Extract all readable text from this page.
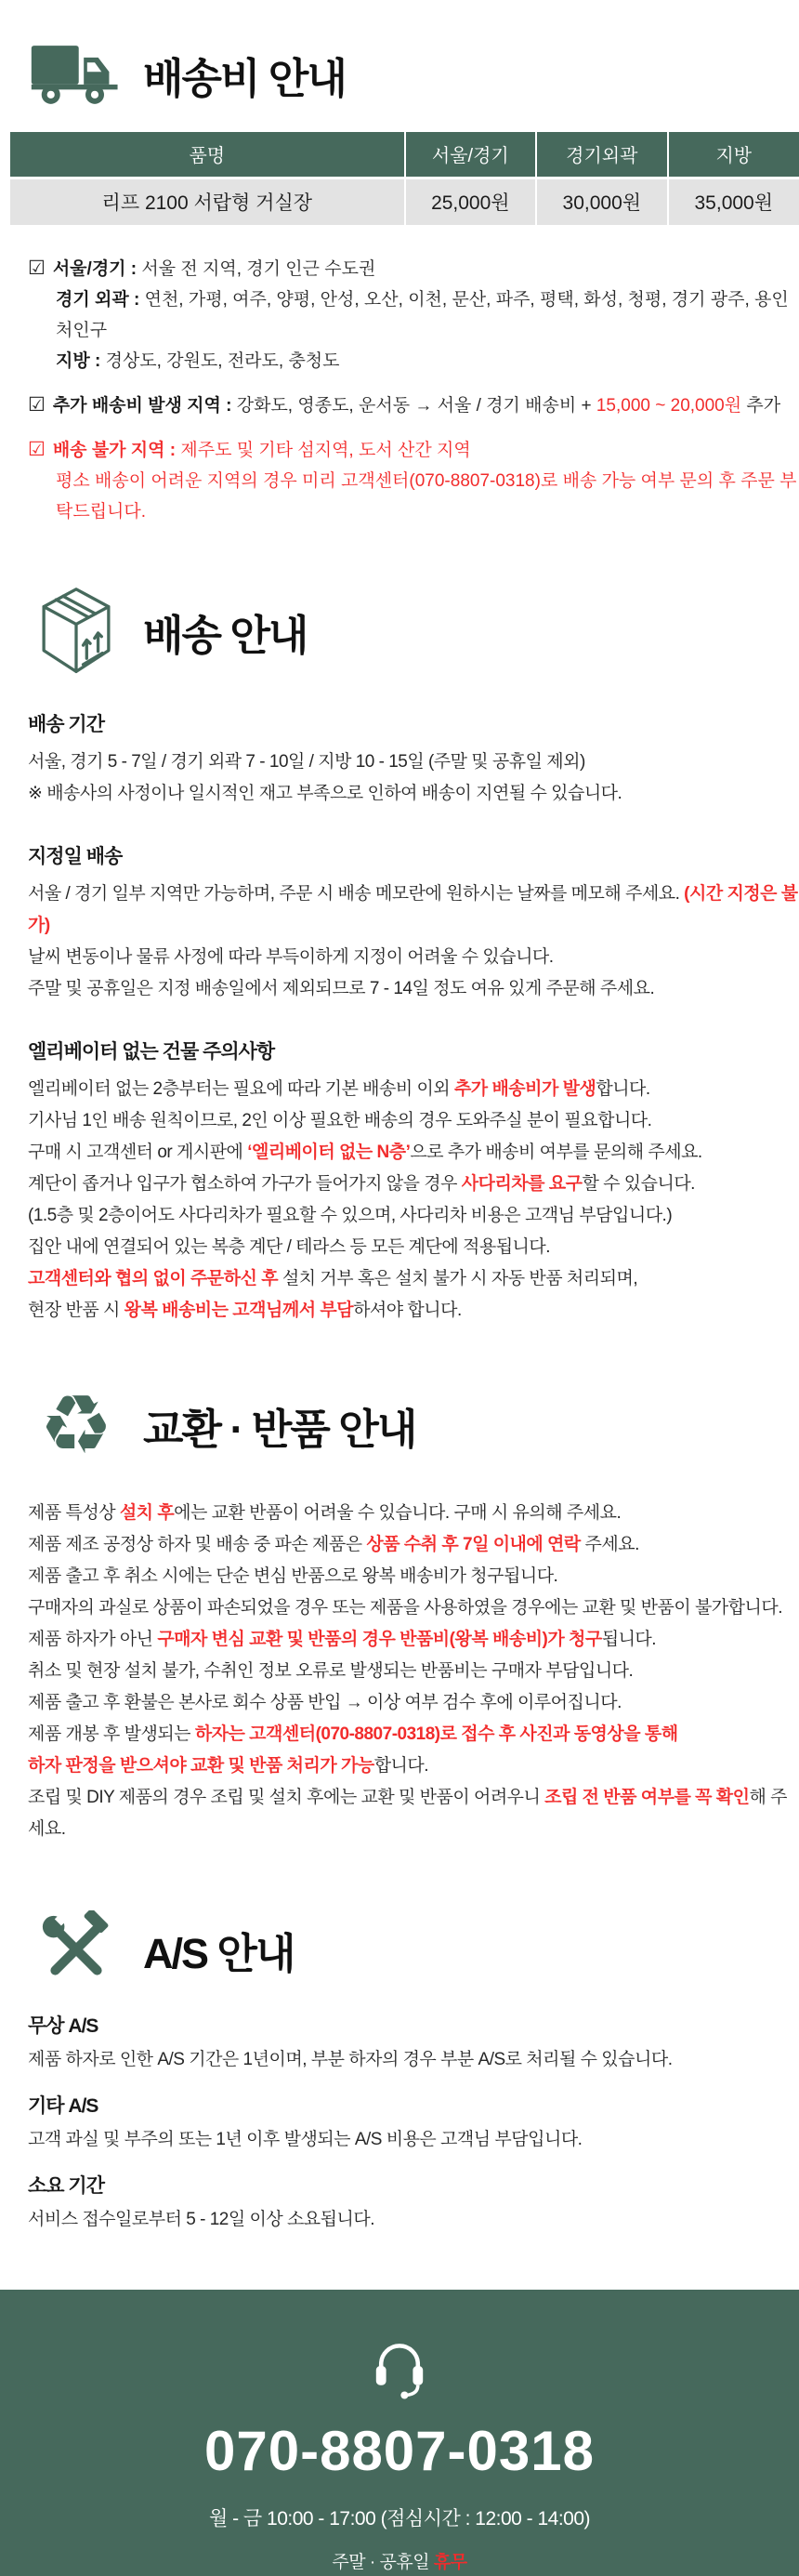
배송비 안내
품명	서울/경기	경기외곽	지방
리프 2100 서랍형 거실장	25,000원	30,000원	35,000원
☑ 서울/경기 : 서울 전 지역, 경기 인근 수도권
경기 외곽 : 연천, 가평, 여주, 양평, 안성, 오산, 이천, 문산, 파주, 평택, 화성, 청평, 경기 광주, 용인 처인구
지방 : 경상도, 강원도, 전라도, 충청도
☑ 추가 배송비 발생 지역 : 강화도, 영종도, 운서동 → 서울 / 경기 배송비 + 15,000 ~ 20,000원 추가
☑ 배송 불가 지역 : 제주도 및 기타 섬지역, 도서 산간 지역
평소 배송이 어려운 지역의 경우 미리 고객센터(070-8807-0318)로 배송 가능 여부 문의 후 주문 부탁드립니다.
배송 안내
배송 기간
서울, 경기 5 - 7일 / 경기 외곽 7 - 10일 / 지방 10 - 15일 (주말 및 공휴일 제외)
※ 배송사의 사정이나 일시적인 재고 부족으로 인하여 배송이 지연될 수 있습니다.
지정일 배송
서울 / 경기 일부 지역만 가능하며, 주문 시 배송 메모란에 원하시는 날짜를 메모해 주세요. (시간 지정은 불가)
날씨 변동이나 물류 사정에 따라 부득이하게 지정이 어려울 수 있습니다.
주말 및 공휴일은 지정 배송일에서 제외되므로 7 - 14일 정도 여유 있게 주문해 주세요.
엘리베이터 없는 건물 주의사항
엘리베이터 없는 2층부터는 필요에 따라 기본 배송비 이외 추가 배송비가 발생합니다.
기사님 1인 배송 원칙이므로, 2인 이상 필요한 배송의 경우 도와주실 분이 필요합니다.
구매 시 고객센터 or 게시판에 ‘엘리베이터 없는 N층’으로 추가 배송비 여부를 문의해 주세요.
계단이 좁거나 입구가 협소하여 가구가 들어가지 않을 경우 사다리차를 요구할 수 있습니다.
(1.5층 및 2층이어도 사다리차가 필요할 수 있으며, 사다리차 비용은 고객님 부담입니다.)
집안 내에 연결되어 있는 복층 계단 / 테라스 등 모든 계단에 적용됩니다.
고객센터와 협의 없이 주문하신 후 설치 거부 혹은 설치 불가 시 자동 반품 처리되며,
현장 반품 시 왕복 배송비는 고객님께서 부담하셔야 합니다.
♻ 교환 · 반품 안내
제품 특성상 설치 후에는 교환 반품이 어려울 수 있습니다. 구매 시 유의해 주세요.
제품 제조 공정상 하자 및 배송 중 파손 제품은 상품 수취 후 7일 이내에 연락 주세요.
제품 출고 후 취소 시에는 단순 변심 반품으로 왕복 배송비가 청구됩니다.
구매자의 과실로 상품이 파손되었을 경우 또는 제품을 사용하였을 경우에는 교환 및 반품이 불가합니다.
제품 하자가 아닌 구매자 변심 교환 및 반품의 경우 반품비(왕복 배송비)가 청구됩니다.
취소 및 현장 설치 불가, 수취인 정보 오류로 발생되는 반품비는 구매자 부담입니다.
제품 출고 후 환불은 본사로 회수 상품 반입 → 이상 여부 검수 후에 이루어집니다.
제품 개봉 후 발생되는 하자는 고객센터(070-8807-0318)로 접수 후 사진과 동영상을 통해
하자 판정을 받으셔야 교환 및 반품 처리가 가능합니다.
조립 및 DIY 제품의 경우 조립 및 설치 후에는 교환 및 반품이 어려우니 조립 전 반품 여부를 꼭 확인해 주세요.
A/S 안내
무상 A/S
제품 하자로 인한 A/S 기간은 1년이며, 부분 하자의 경우 부분 A/S로 처리될 수 있습니다.
기타 A/S
고객 과실 및 부주의 또는 1년 이후 발생되는 A/S 비용은 고객님 부담입니다.
소요 기간
서비스 접수일로부터 5 - 12일 이상 소요됩니다.
070-8807-0318
월 - 금 10:00 - 17:00 (점심시간 : 12:00 - 14:00)
주말 · 공휴일 휴무
